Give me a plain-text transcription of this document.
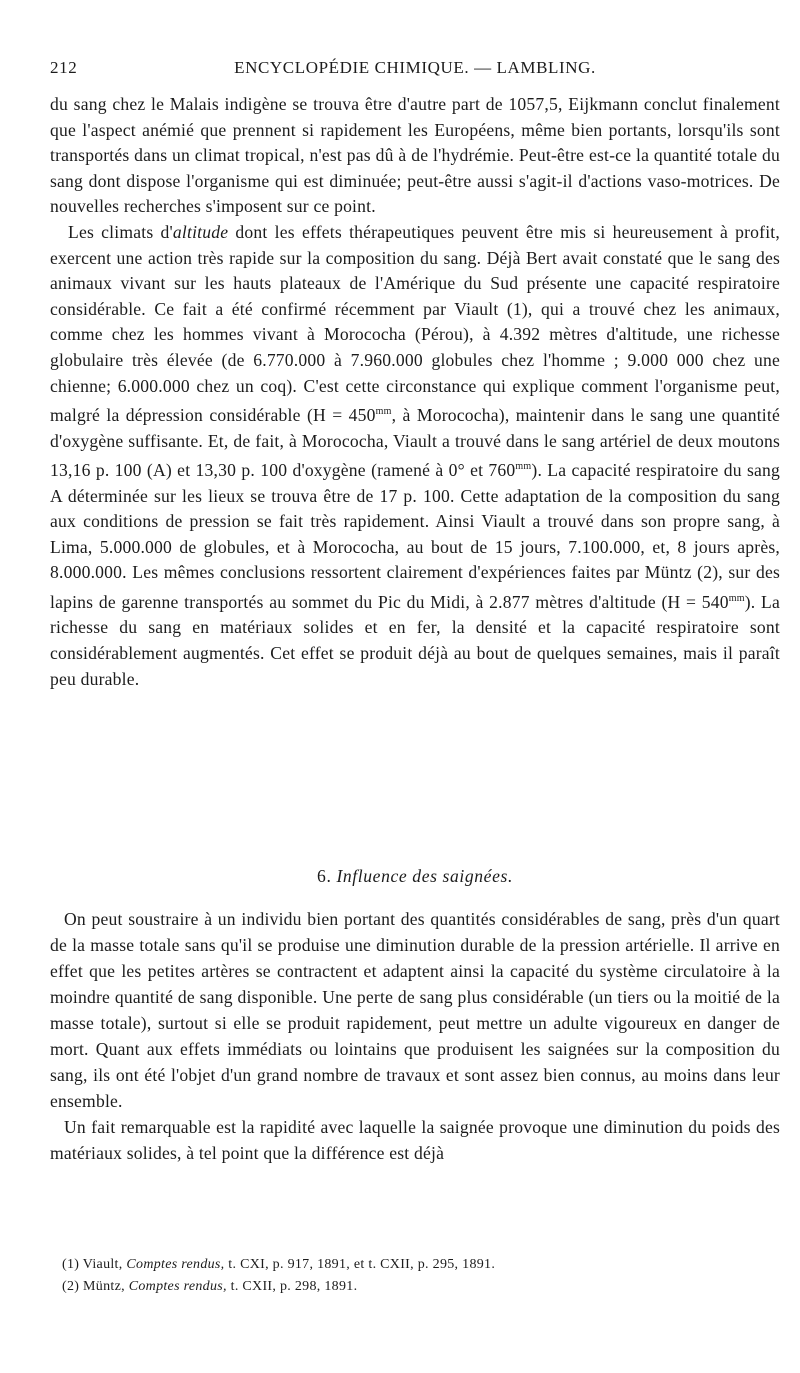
212	ENCYCLOPÉDIE CHIMIQUE. — LAMBLING.

du sang chez le Malais indigène se trouva être d'autre part de 1057,5, Eijkmann conclut finalement que l'aspect anémié que prennent si rapidement les Européens, même bien portants, lorsqu'ils sont transportés dans un climat tropical, n'est pas dû à de l'hydrémie. Peut-être est-ce la quantité totale du sang dont dispose l'organisme qui est diminuée; peut-être aussi s'agit-il d'actions vaso-motrices. De nouvelles recherches s'imposent sur ce point.

Les climats d'altitude dont les effets thérapeutiques peuvent être mis si heureusement à profit, exercent une action très rapide sur la composition du sang. Déjà Bert avait constaté que le sang des animaux vivant sur les hauts plateaux de l'Amérique du Sud présente une capacité respiratoire considérable. Ce fait a été confirmé récemment par Viault (1), qui a trouvé chez les animaux, comme chez les hommes vivant à Morococha (Pérou), à 4.392 mètres d'altitude, une richesse globulaire très élevée (de 6.770.000 à 7.960.000 globules chez l'homme ; 9.000 000 chez une chienne; 6.000.000 chez un coq). C'est cette circonstance qui explique comment l'organisme peut, malgré la dépression considérable ($H = 450^{mm}$, à Morococha), maintenir dans le sang une quantité d'oxygène suffisante. Et, de fait, à Morococha, Viault a trouvé dans le sang artériel de deux moutons 13,16 p. 100 (A) et 13,30 p. 100 d'oxygène (ramené à 0° et $760^{mm}$). La capacité respiratoire du sang A déterminée sur les lieux se trouva être de 17 p. 100. Cette adaptation de la composition du sang aux conditions de pression se fait très rapidement. Ainsi Viault a trouvé dans son propre sang, à Lima, 5.000.000 de globules, et à Morococha, au bout de 15 jours, 7.100.000, et, 8 jours après, 8.000.000. Les mêmes conclusions ressortent clairement d'expériences faites par Müntz (2), sur des lapins de garenne transportés au sommet du Pic du Midi, à 2.877 mètres d'altitude $(H = 540^{mm})$. La richesse du sang en matériaux solides et en fer, la densité et la capacité respiratoire sont considérablement augmentés. Cet effet se produit déjà au bout de quelques semaines, mais il paraît peu durable.

6. Influence des saignées.

On peut soustraire à un individu bien portant des quantités considérables de sang, près d'un quart de la masse totale sans qu'il se produise une diminution durable de la pression artérielle. Il arrive en effet que les petites artères se contractent et adaptent ainsi la capacité du système circulatoire à la moindre quantité de sang disponible. Une perte de sang plus considérable (un tiers ou la moitié de la masse totale), surtout si elle se produit rapidement, peut mettre un adulte vigoureux en danger de mort. Quant aux effets immédiats ou lointains que produisent les saignées sur la composition du sang, ils ont été l'objet d'un grand nombre de travaux et sont assez bien connus, au moins dans leur ensemble.

Un fait remarquable est la rapidité avec laquelle la saignée provoque une diminution du poids des matériaux solides, à tel point que la différence est déjà

(1) Viault, Comptes rendus, t. CXI, p. 917, 1891, et t. CXII, p. 295, 1891.
(2) Müntz, Comptes rendus, t. CXII, p. 298, 1891.
